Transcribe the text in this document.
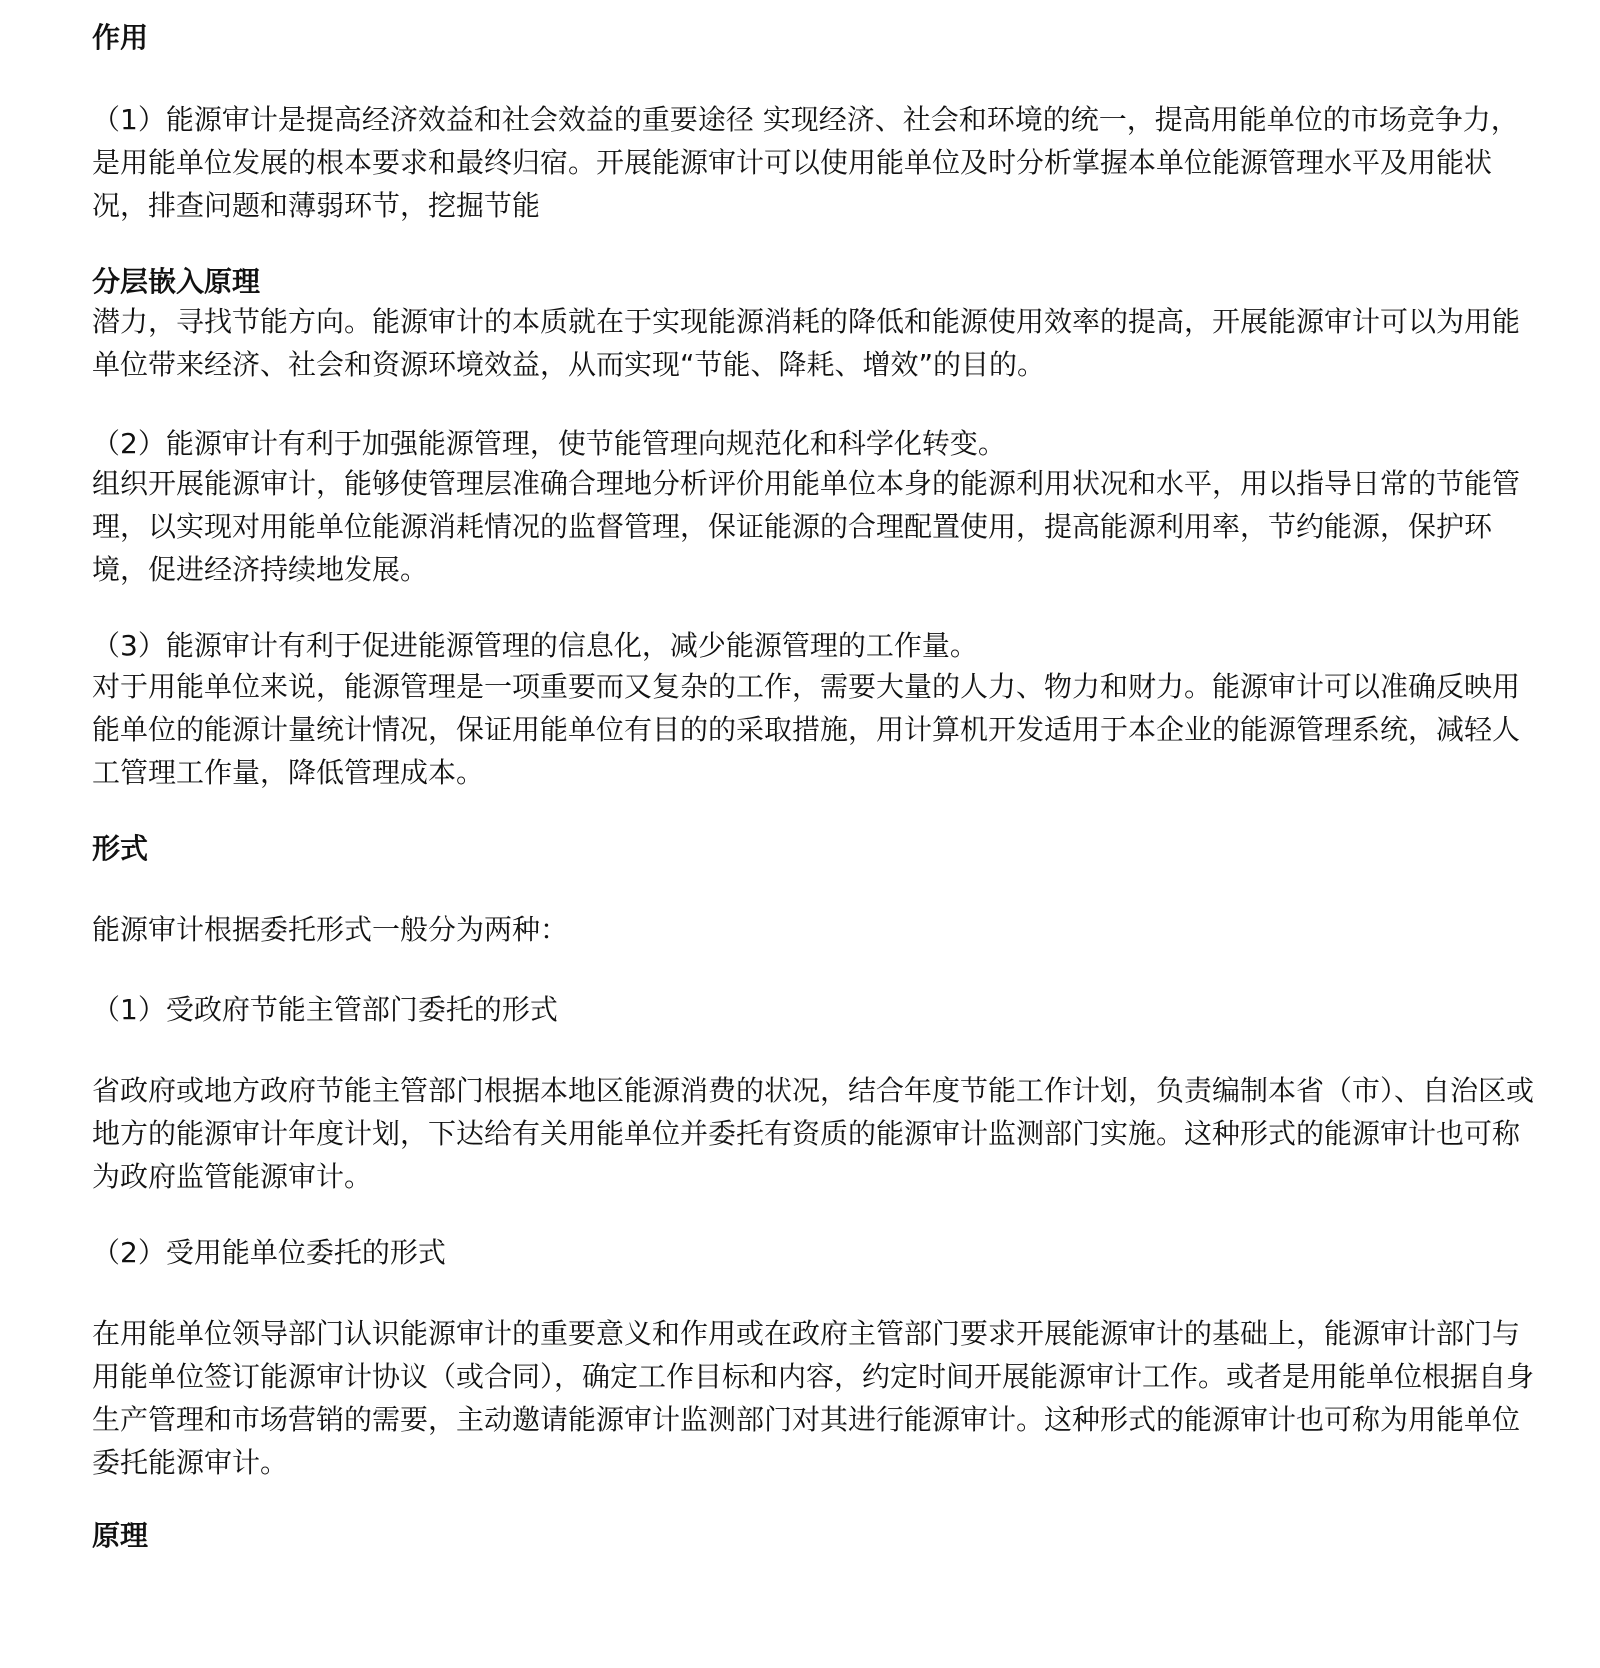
作用

（1）能源审计是提高经济效益和社会效益的重要途径 实现经济、社会和环境的统一，提高用能单位的市场竞争力，是用能单位发展的根本要求和最终归宿。开展能源审计可以使用能单位及时分析掌握本单位能源管理水平及用能状况，排查问题和薄弱环节，挖掘节能

分层嵌入原理

潜力，寻找节能方向。能源审计的本质就在于实现能源消耗的降低和能源使用效率的提高，开展能源审计可以为用能单位带来经济、社会和资源环境效益，从而实现“节能、降耗、增效”的目的。

（2）能源审计有利于加强能源管理，使节能管理向规范化和科学化转变。

组织开展能源审计，能够使管理层准确合理地分析评价用能单位本身的能源利用状况和水平，用以指导日常的节能管理，以实现对用能单位能源消耗情况的监督管理，保证能源的合理配置使用，提高能源利用率，节约能源，保护环境，促进经济持续地发展。

（3）能源审计有利于促进能源管理的信息化，减少能源管理的工作量。

对于用能单位来说，能源管理是一项重要而又复杂的工作，需要大量的人力、物力和财力。能源审计可以准确反映用能单位的能源计量统计情况，保证用能单位有目的的采取措施，用计算机开发适用于本企业的能源管理系统，减轻人工管理工作量，降低管理成本。

形式

能源审计根据委托形式一般分为两种：

（1）受政府节能主管部门委托的形式

省政府或地方政府节能主管部门根据本地区能源消费的状况，结合年度节能工作计划，负责编制本省（市）、自治区或地方的能源审计年度计划，下达给有关用能单位并委托有资质的能源审计监测部门实施。这种形式的能源审计也可称为政府监管能源审计。

（2）受用能单位委托的形式

在用能单位领导部门认识能源审计的重要意义和作用或在政府主管部门要求开展能源审计的基础上，能源审计部门与用能单位签订能源审计协议（或合同），确定工作目标和内容，约定时间开展能源审计工作。或者是用能单位根据自身生产管理和市场营销的需要，主动邀请能源审计监测部门对其进行能源审计。这种形式的能源审计也可称为用能单位委托能源审计。

原理
